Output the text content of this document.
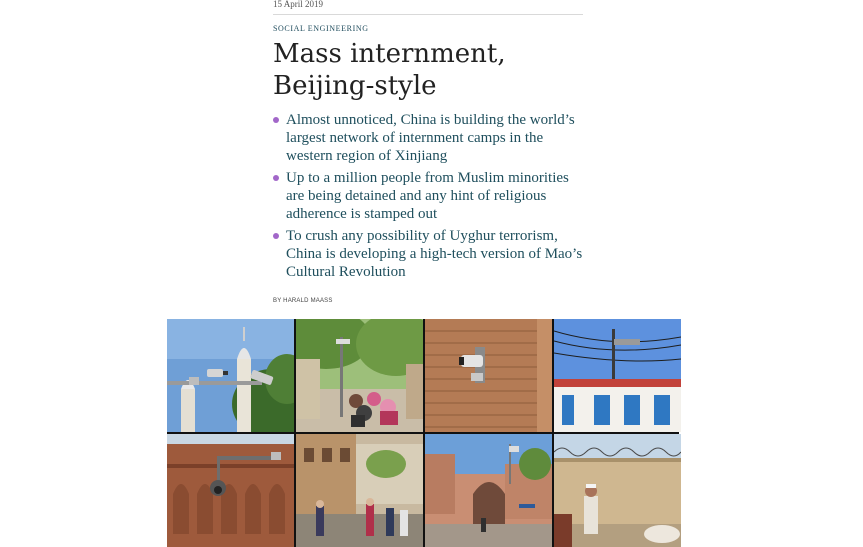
15 April 2019
SOCIAL ENGINEERING
Mass internment,
Beijing-style
Almost unnoticed, China is building the world’s largest network of internment camps in the western region of Xinjiang
Up to a million people from Muslim minorities are being detained and any hint of religious adherence is stamped out
To crush any possibility of Uyghur terrorism, China is developing a high-tech version of Mao’s Cultural Revolution
BY HARALD MAASS
